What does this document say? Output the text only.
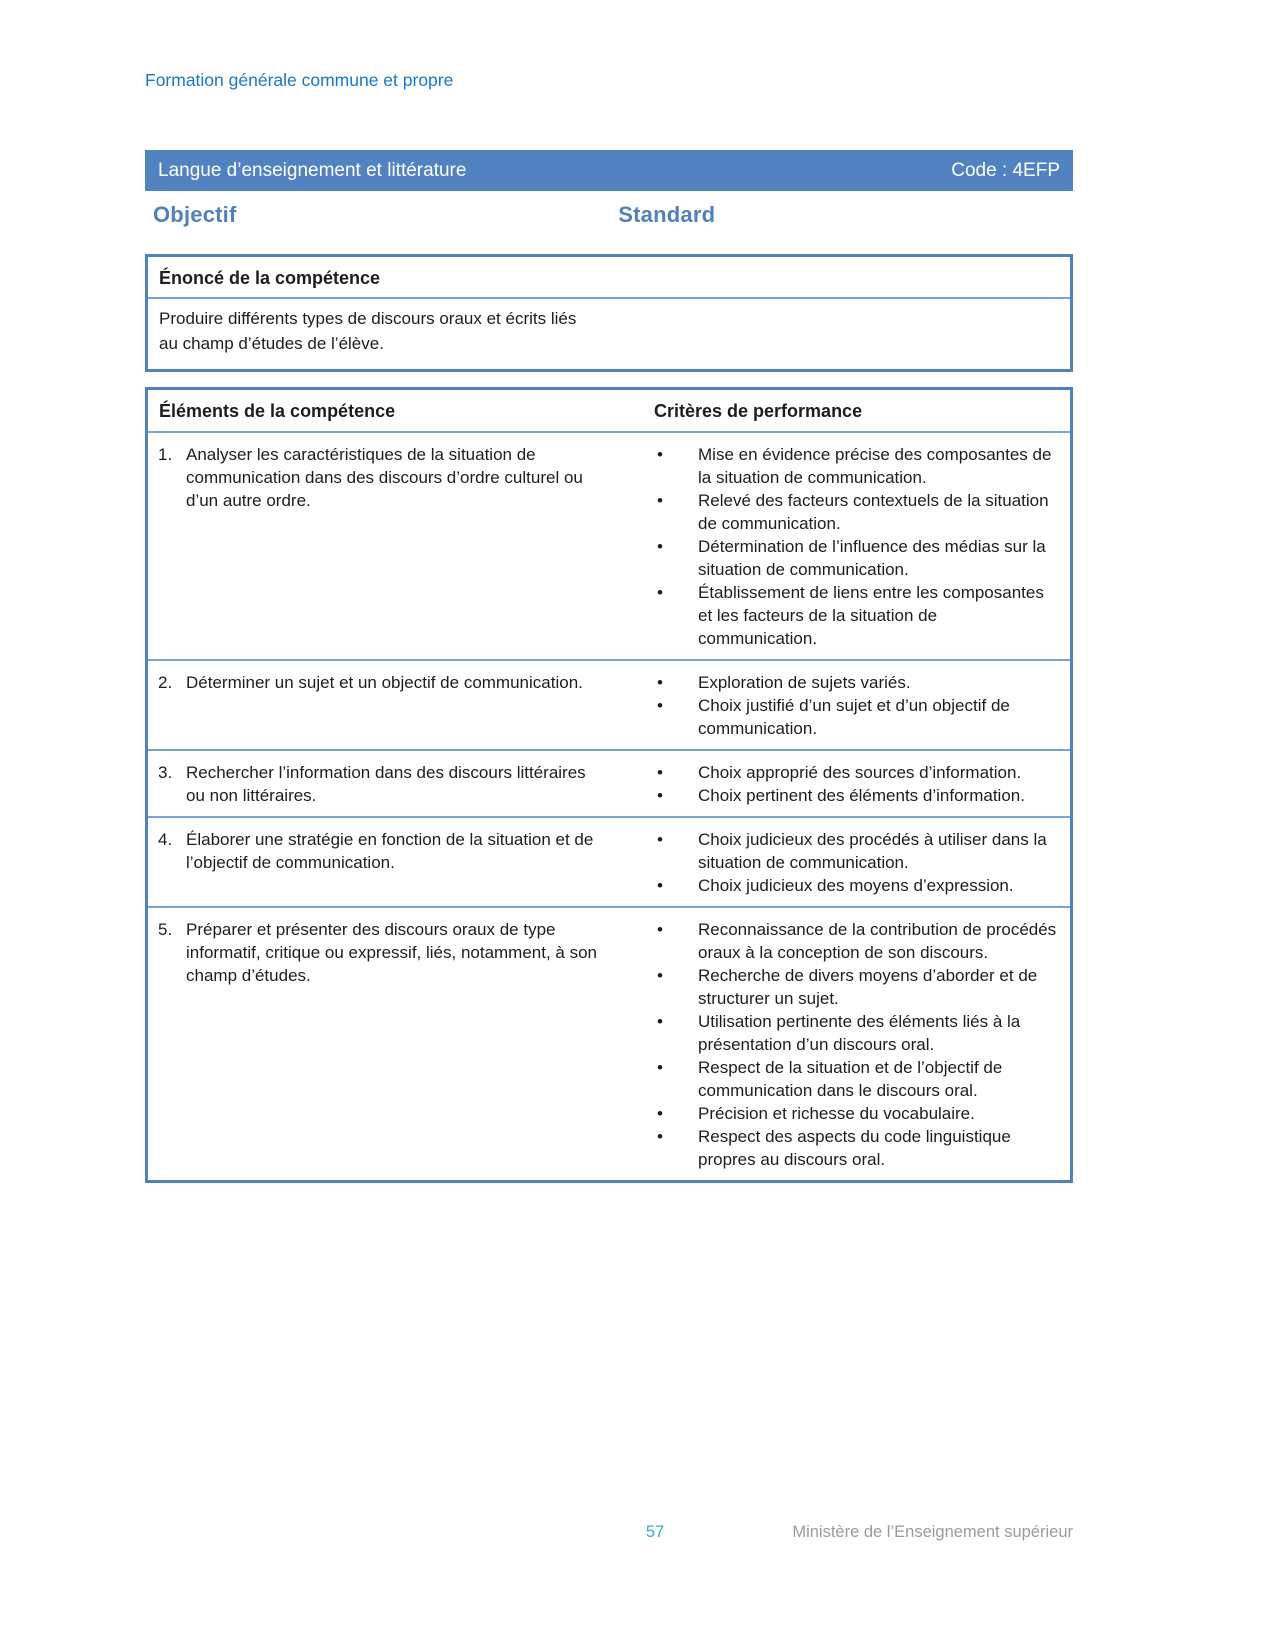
Formation générale commune et propre
Langue d’enseignement et littérature	Code : 4EFP
Objectif	Standard
Énoncé de la compétence

Produire différents types de discours oraux et écrits liés au champ d’études de l’élève.

Éléments de la compétence	Critères de performance
1. Analyser les caractéristiques de la situation de communication dans des discours d’ordre culturel ou d’un autre ordre.
•	Mise en évidence précise des composantes de la situation de communication.
•	Relevé des facteurs contextuels de la situation de communication.
•	Détermination de l’influence des médias sur la situation de communication.
•	Établissement de liens entre les composantes et les facteurs de la situation de communication.
2. Déterminer un sujet et un objectif de communication.	•	Exploration de sujets variés.
•	Choix justifié d’un sujet et d’un objectif de communication.
3. Rechercher l’information dans des discours littéraires ou non littéraires.
•	Choix approprié des sources d’information.
•	Choix pertinent des éléments d’information.
4. Élaborer une stratégie en fonction de la situation et de l’objectif de communication.
•	Choix judicieux des procédés à utiliser dans la situation de communication.
•	Choix judicieux des moyens d’expression.
5. Préparer et présenter des discours oraux de type informatif, critique ou expressif, liés, notamment, à son champ d’études.
•	Reconnaissance de la contribution de procédés oraux à la conception de son discours.
•	Recherche de divers moyens d’aborder et de structurer un sujet.
•	Utilisation pertinente des éléments liés à la présentation d’un discours oral.
•	Respect de la situation et de l’objectif de communication dans le discours oral.
•	Précision et richesse du vocabulaire.
•	Respect des aspects du code linguistique propres au discours oral.
57	Ministère de l’Enseignement supérieur
